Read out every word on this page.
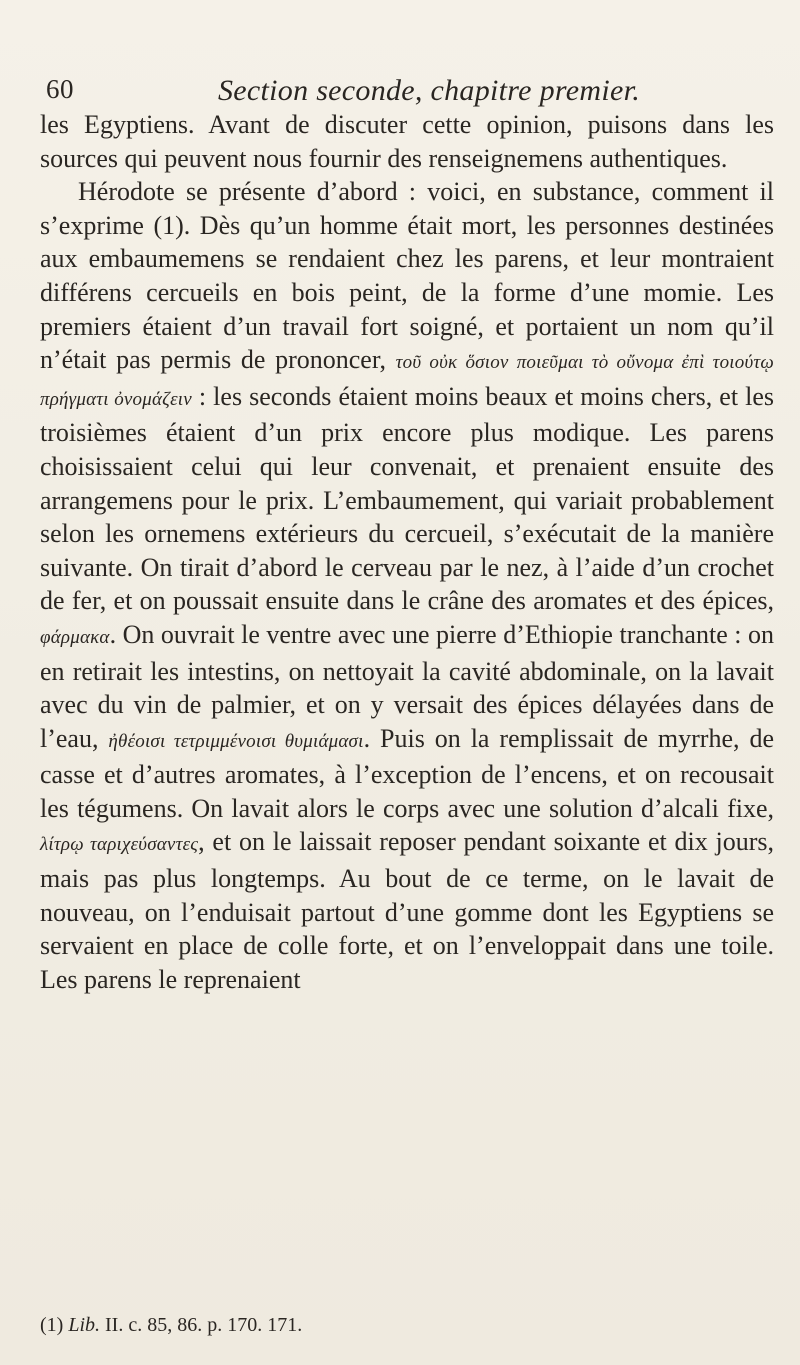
60	Section seconde, chapitre premier.

les Egyptiens. Avant de discuter cette opinion, puisons dans les sources qui peuvent nous fournir des renseignemens authentiques.

Hérodote se présente d’abord : voici, en substance, comment il s’exprime (1). Dès qu’un homme était mort, les personnes destinées aux embaumemens se rendaient chez les parens, et leur montraient différens cercueils en bois peint, de la forme d’une momie. Les premiers étaient d’un travail fort soigné, et portaient un nom qu’il n’était pas permis de prononcer, τοῦ οὐκ ὅσιον ποιεῦμαι τὸ οὔνομα ἐπὶ τοιούτῳ πρήγματι ὀνομάζειν : les seconds étaient moins beaux et moins chers, et les troisièmes étaient d’un prix encore plus modique. Les parens choisissaient celui qui leur convenait, et prenaient ensuite des arrangemens pour le prix. L’embaumement, qui variait probablement selon les ornemens extérieurs du cercueil, s’exécutait de la manière suivante. On tirait d’abord le cerveau par le nez, à l’aide d’un crochet de fer, et on poussait ensuite dans le crâne des aromates et des épices, φάρμακα. On ouvrait le ventre avec une pierre d’Ethiopie tranchante : on en retirait les intestins, on nettoyait la cavité abdominale, on la lavait avec du vin de palmier, et on y versait des épices délayées dans de l’eau, ἠθέοισι τετριμμένοισι θυμιάμασι. Puis on la remplissait de myrrhe, de casse et d’autres aromates, à l’exception de l’encens, et on recousait les tégumens. On lavait alors le corps avec une solution d’alcali fixe, λίτρῳ ταριχεύσαντες, et on le laissait reposer pendant soixante et dix jours, mais pas plus longtemps. Au bout de ce terme, on le lavait de nouveau, on l’enduisait partout d’une gomme dont les Egyptiens se servaient en place de colle forte, et on l’enveloppait dans une toile. Les parens le reprenaient

(1) Lib. II. c. 85, 86. p. 170. 171.
